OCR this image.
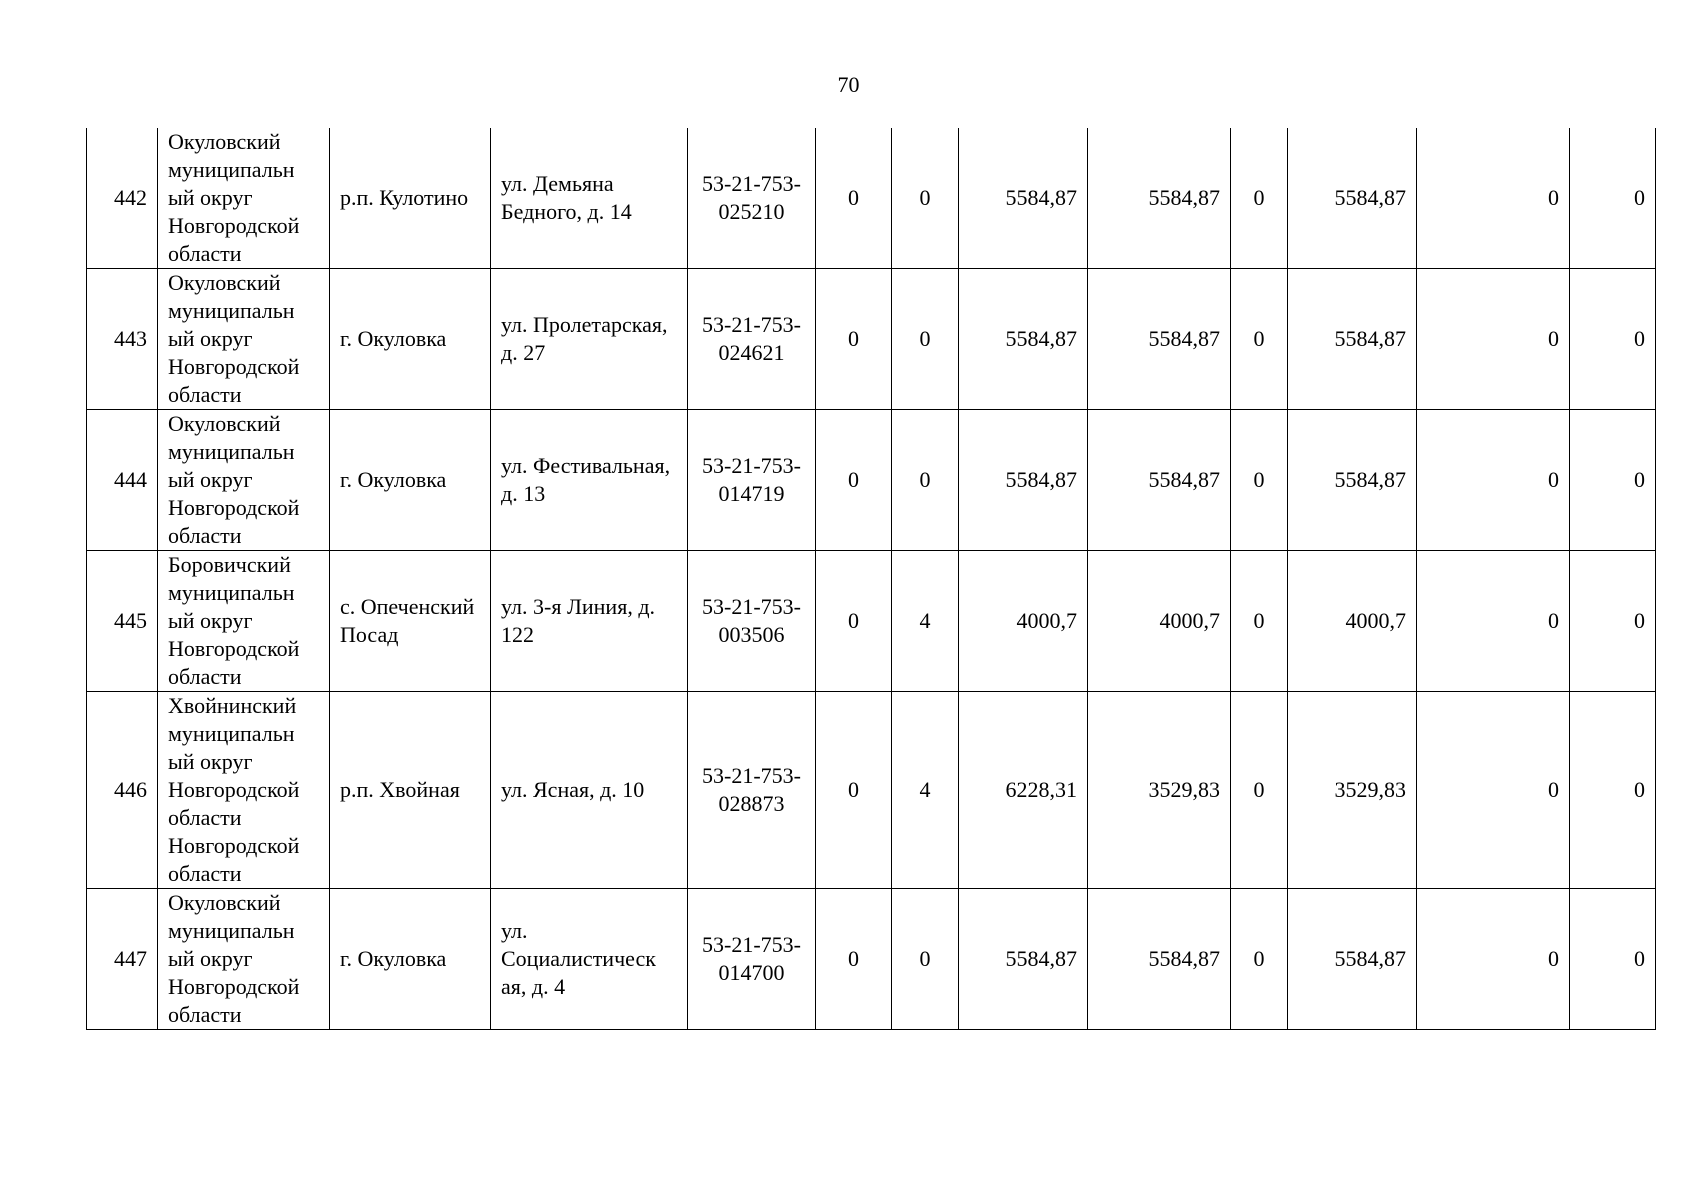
70
442	Окуловский муниципальн ый округ Новгородской области	р.п. Кулотино	ул. Демьяна Бедного, д. 14	53-21-753-025210	0	0	5584,87	5584,87	0	5584,87	0	0
443	Окуловский муниципальн ый округ Новгородской области	г. Окуловка	ул. Пролетарская, д. 27	53-21-753-024621	0	0	5584,87	5584,87	0	5584,87	0	0
444	Окуловский муниципальн ый округ Новгородской области	г. Окуловка	ул. Фестивальная, д. 13	53-21-753-014719	0	0	5584,87	5584,87	0	5584,87	0	0
445	Боровичский муниципальн ый округ Новгородской области	с. Опеченский Посад	ул. 3-я Линия, д. 122	53-21-753-003506	0	4	4000,7	4000,7	0	4000,7	0	0
446	Хвойнинский муниципальн ый округ Новгородской области Новгородской области	р.п. Хвойная	ул. Ясная, д. 10	53-21-753-028873	0	4	6228,31	3529,83	0	3529,83	0	0
447	Окуловский муниципальн ый округ Новгородской области	г. Окуловка	ул. Социалистическ ая, д. 4	53-21-753-014700	0	0	5584,87	5584,87	0	5584,87	0	0
